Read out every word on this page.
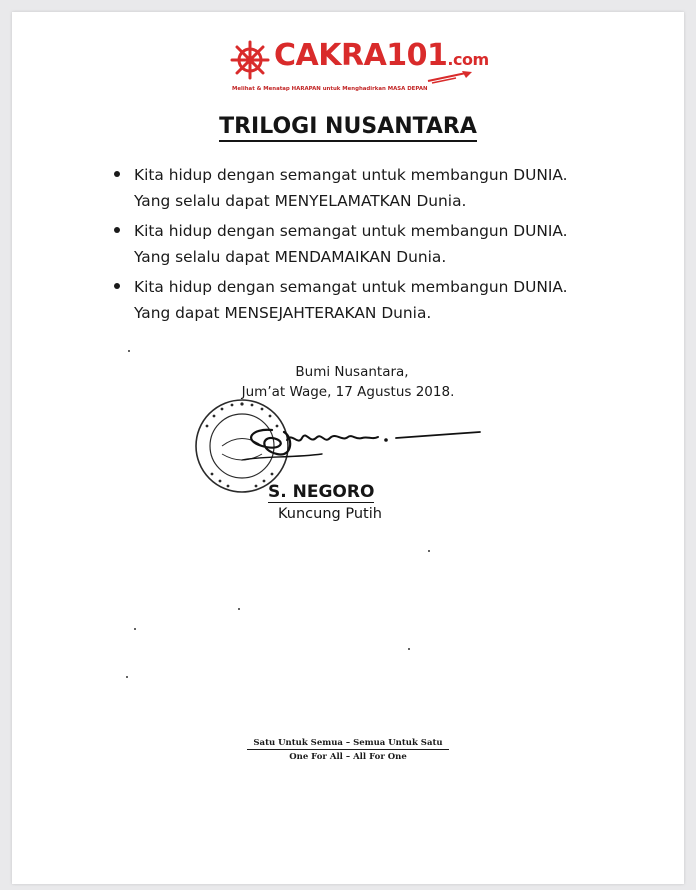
CAKRA101.com
Melihat & Menatap HARAPAN untuk Menghadirkan MASA DEPAN
TRILOGI NUSANTARA
Kita hidup dengan semangat untuk membangun DUNIA.
Yang selalu dapat MENYELAMATKAN Dunia.
Kita hidup dengan semangat untuk membangun DUNIA.
Yang selalu dapat MENDAMAIKAN Dunia.
Kita hidup dengan semangat untuk membangun DUNIA.
Yang dapat MENSEJAHTERAKAN Dunia.
Bumi Nusantara,
Jum’at Wage, 17 Agustus 2018.
S. NEGORO
Kuncung Putih
Satu Untuk Semua – Semua Untuk Satu
One For All – All For One
